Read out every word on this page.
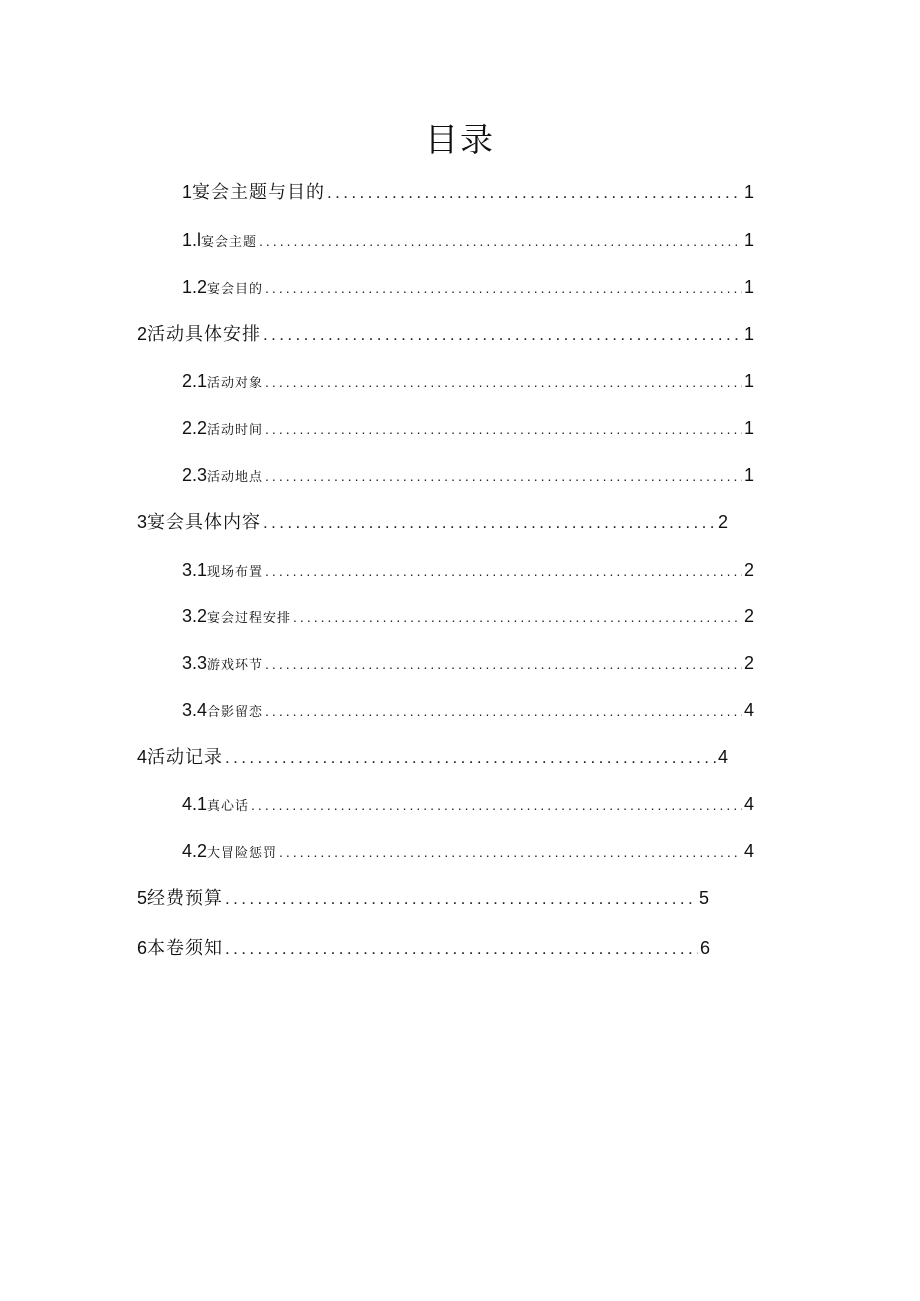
目录
1 宴会主题与目的 .....	1
1.l 宴会主题 .....	1
1.2 宴会目的 .....	1
2 活动具体安排 .....	1
2.1 活动对象 .....	1
2.2 活动时间 .....	1
2.3 活动地点 .....	1
3 宴会具体内容 .....	2
3.1 现场布置 .....	2
3.2 宴会过程安排 .....	2
3.3 游戏环节 .....	2
3.4 合影留恋 .....	4
4 活动记录 .....	4
4.1 真心话 .....	4
4.2 大冒险惩罚 .....	4
5 经费预算 .....	5
6 本卷须知 .....	6
